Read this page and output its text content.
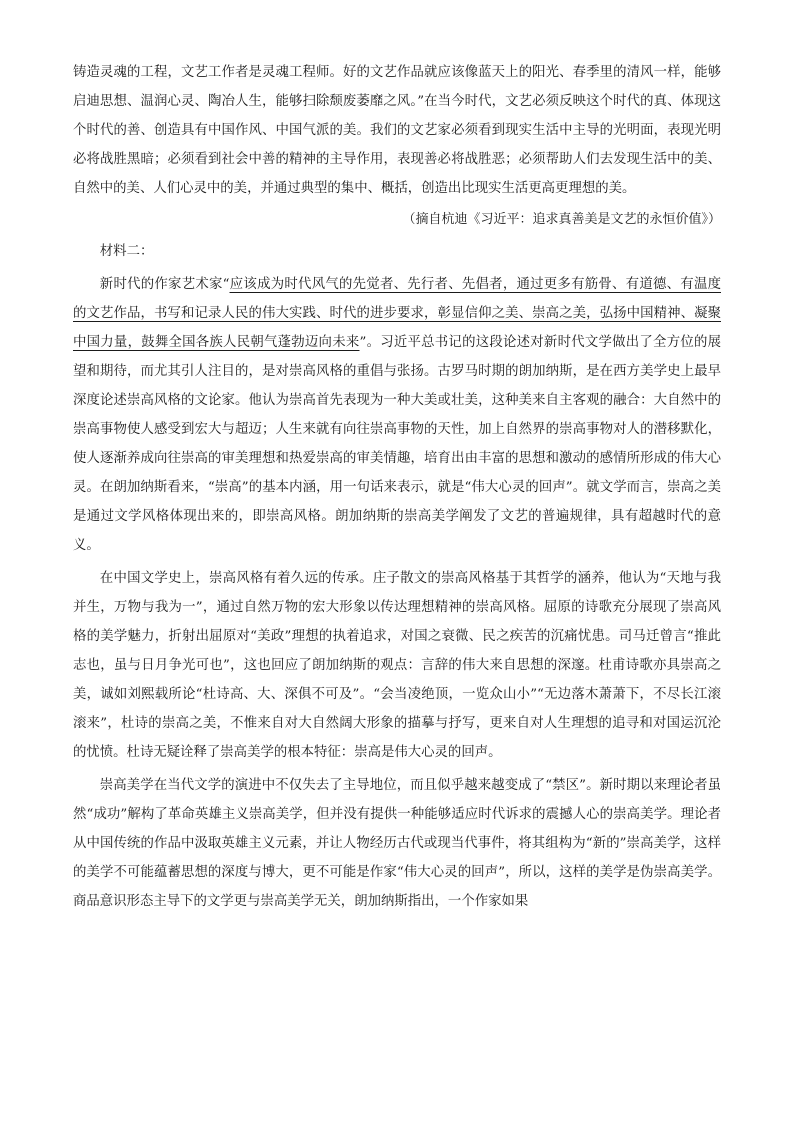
铸造灵魂的工程，文艺工作者是灵魂工程师。好的文艺作品就应该像蓝天上的阳光、春季里的清风一样，能够启迪思想、温润心灵、陶冶人生，能够扫除颓废萎靡之风。”在当今时代，文艺必须反映这个时代的真、体现这个时代的善、创造具有中国作风、中国气派的美。我们的文艺家必须看到现实生活中主导的光明面，表现光明必将战胜黑暗；必须看到社会中善的精神的主导作用，表现善必将战胜恶；必须帮助人们去发现生活中的美、自然中的美、人们心灵中的美，并通过典型的集中、概括，创造出比现实生活更高更理想的美。

（摘自杭迪《习近平：追求真善美是文艺的永恒价值》）

材料二：

新时代的作家艺术家“应该成为时代风气的先觉者、先行者、先倡者，通过更多有筋骨、有道德、有温度的文艺作品，书写和记录人民的伟大实践、时代的进步要求，彰显信仰之美、崇高之美，弘扬中国精神、凝聚中国力量，鼓舞全国各族人民朝气蓬勃迈向未来”。习近平总书记的这段论述对新时代文学做出了全方位的展望和期待，而尤其引人注目的，是对崇高风格的重倡与张扬。古罗马时期的朗加纳斯，是在西方美学史上最早深度论述崇高风格的文论家。他认为崇高首先表现为一种大美或壮美，这种美来自主客观的融合：大自然中的崇高事物使人感受到宏大与超迈；人生来就有向往崇高事物的天性，加上自然界的崇高事物对人的潜移默化，使人逐渐养成向往崇高的审美理想和热爱崇高的审美情趣，培育出由丰富的思想和激动的感情所形成的伟大心灵。在朗加纳斯看来，“崇高”的基本内涵，用一句话来表示，就是“伟大心灵的回声”。就文学而言，崇高之美是通过文学风格体现出来的，即崇高风格。朗加纳斯的崇高美学阐发了文艺的普遍规律，具有超越时代的意义。

在中国文学史上，崇高风格有着久远的传承。庄子散文的崇高风格基于其哲学的涵养，他认为“天地与我并生，万物与我为一”，通过自然万物的宏大形象以传达理想精神的崇高风格。屈原的诗歌充分展现了崇高风格的美学魅力，折射出屈原对“美政”理想的执着追求，对国之衰微、民之疾苦的沉痛忧患。司马迁曾言“推此志也，虽与日月争光可也”，这也回应了朗加纳斯的观点：言辞的伟大来自思想的深邃。杜甫诗歌亦具崇高之美，诚如刘熙载所论“杜诗高、大、深俱不可及”。“会当凌绝顶，一览众山小”“无边落木萧萧下，不尽长江滚滚来”，杜诗的崇高之美，不惟来自对大自然阔大形象的描摹与抒写，更来自对人生理想的追寻和对国运沉沦的忧愤。杜诗无疑诠释了崇高美学的根本特征：崇高是伟大心灵的回声。

崇高美学在当代文学的演进中不仅失去了主导地位，而且似乎越来越变成了“禁区”。新时期以来理论者虽然“成功”解构了革命英雄主义崇高美学，但并没有提供一种能够适应时代诉求的震撼人心的崇高美学。理论者从中国传统的作品中汲取英雄主义元素，并让人物经历古代或现当代事件，将其组构为“新的”崇高美学，这样的美学不可能蕴蓄思想的深度与博大，更不可能是作家“伟大心灵的回声”，所以，这样的美学是伪崇高美学。商品意识形态主导下的文学更与崇高美学无关，朗加纳斯指出，一个作家如果
